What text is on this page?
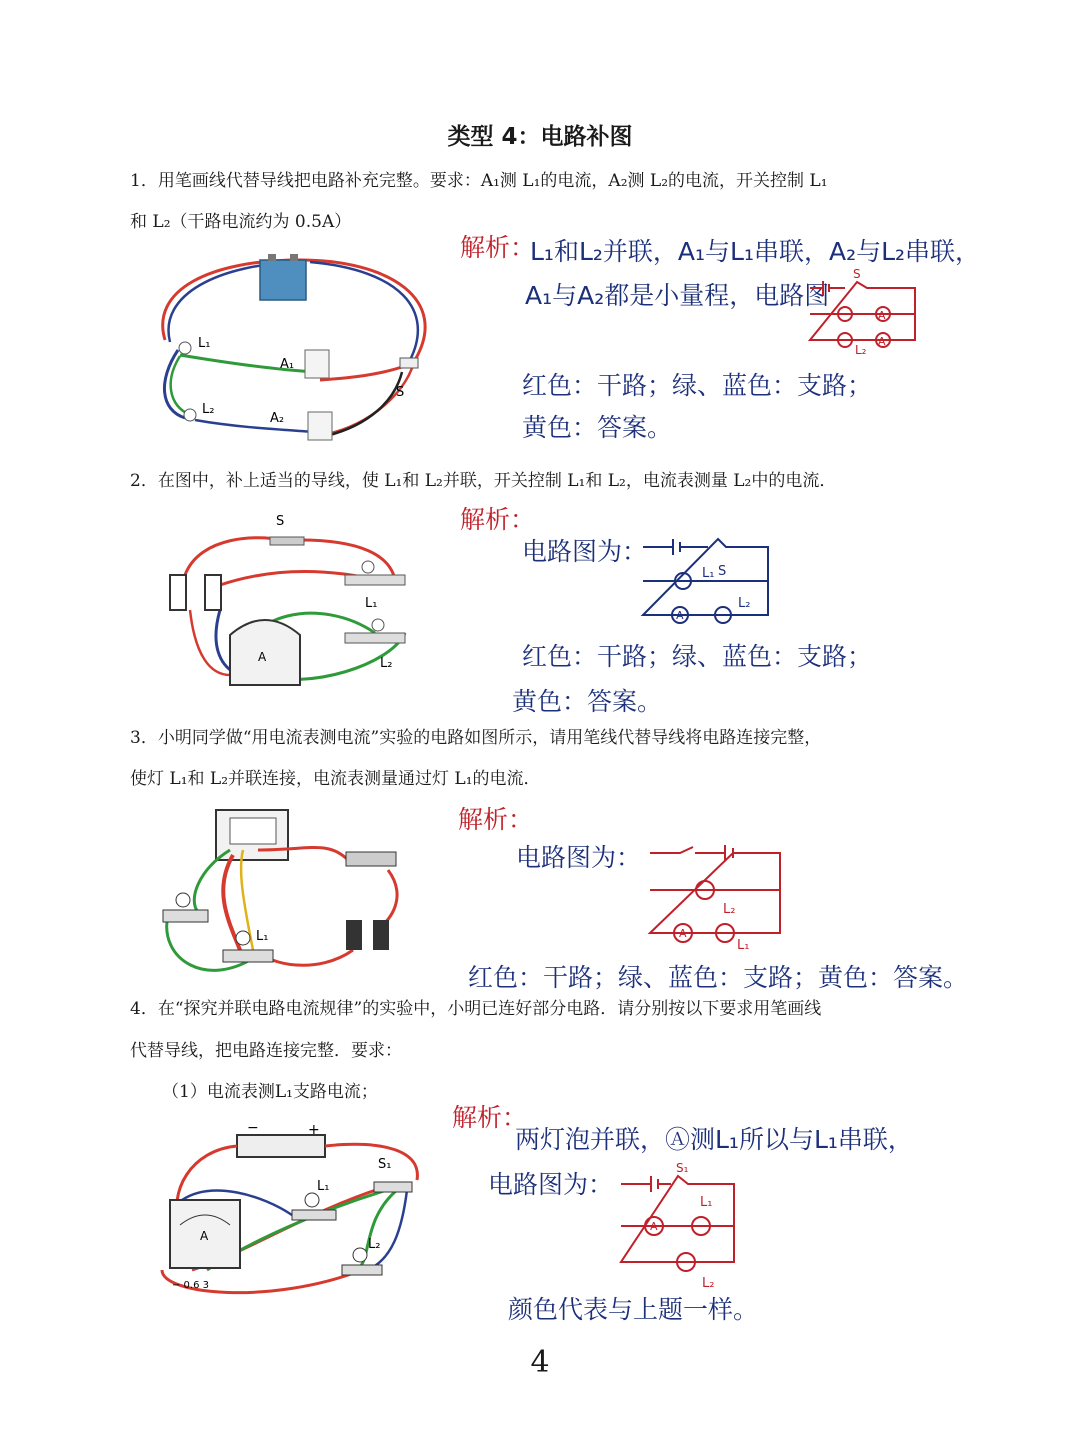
类型 4：电路补图
1．用笔画线代替导线把电路补充完整。要求：A₁测 L₁的电流，A₂测 L₂的电流，开关控制 L₁
和 L₂（干路电流约为 0.5A）
L₁
L₂
A₁
A₂
S
解析：
L₁和L₂并联，A₁与L₁串联，A₂与L₂串联，
A₁与A₂都是小量程，电路图
S
A
A
L₂
红色：干路；绿、蓝色：支路；
黄色：答案。
2．在图中，补上适当的导线，使 L₁和 L₂并联，开关控制 L₁和 L₂，电流表测量 L₂中的电流．
S
L₁
L₂
A
解析：
电路图为：
L₁ S
A
L₂
红色：干路；绿、蓝色：支路；
黄色：答案。
3．小明同学做“用电流表测电流”实验的电路如图所示，请用笔线代替导线将电路连接完整，
使灯 L₁和 L₂并联连接，电流表测量通过灯 L₁的电流．
L₁
解析：
电路图为：
L₂
A
L₁
红色：干路；绿、蓝色：支路；黄色：答案。
4．在“探究并联电路电流规律”的实验中，小明已连好部分电路．请分别按以下要求用笔画线
代替导线，把电路连接完整．要求：
（1）电流表测L₁支路电流；
−	+
S₁
L₁
L₂
A
− 0.6 3
解析：
两灯泡并联，Ⓐ测L₁所以与L₁串联，
电路图为：
S₁
L₁
A
L₂
颜色代表与上题一样。
4
